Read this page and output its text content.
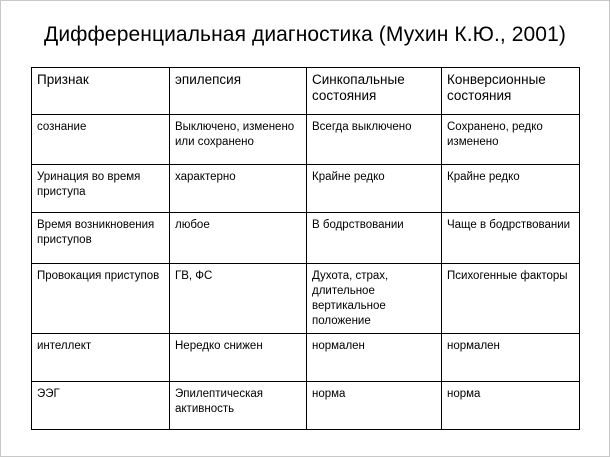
Дифференциальная диагностика (Мухин К.Ю., 2001)
Признак	эпилепсия	Синкопальные состояния	Конверсионные состояния
сознание	Выключено, изменено или сохранено	Всегда выключено	Сохранено, редко изменено
Уринация во время приступа	характерно	Крайне редко	Крайне редко
Время возникновения приступов	любое	В бодрствовании	Чаще в бодрствовании
Провокация приступов	ГВ, ФС	Духота, страх, длительное вертикальное положение	Психогенные факторы
интеллект	Нередко снижен	нормален	нормален
ЭЭГ	Эпилептическая активность	норма	норма
